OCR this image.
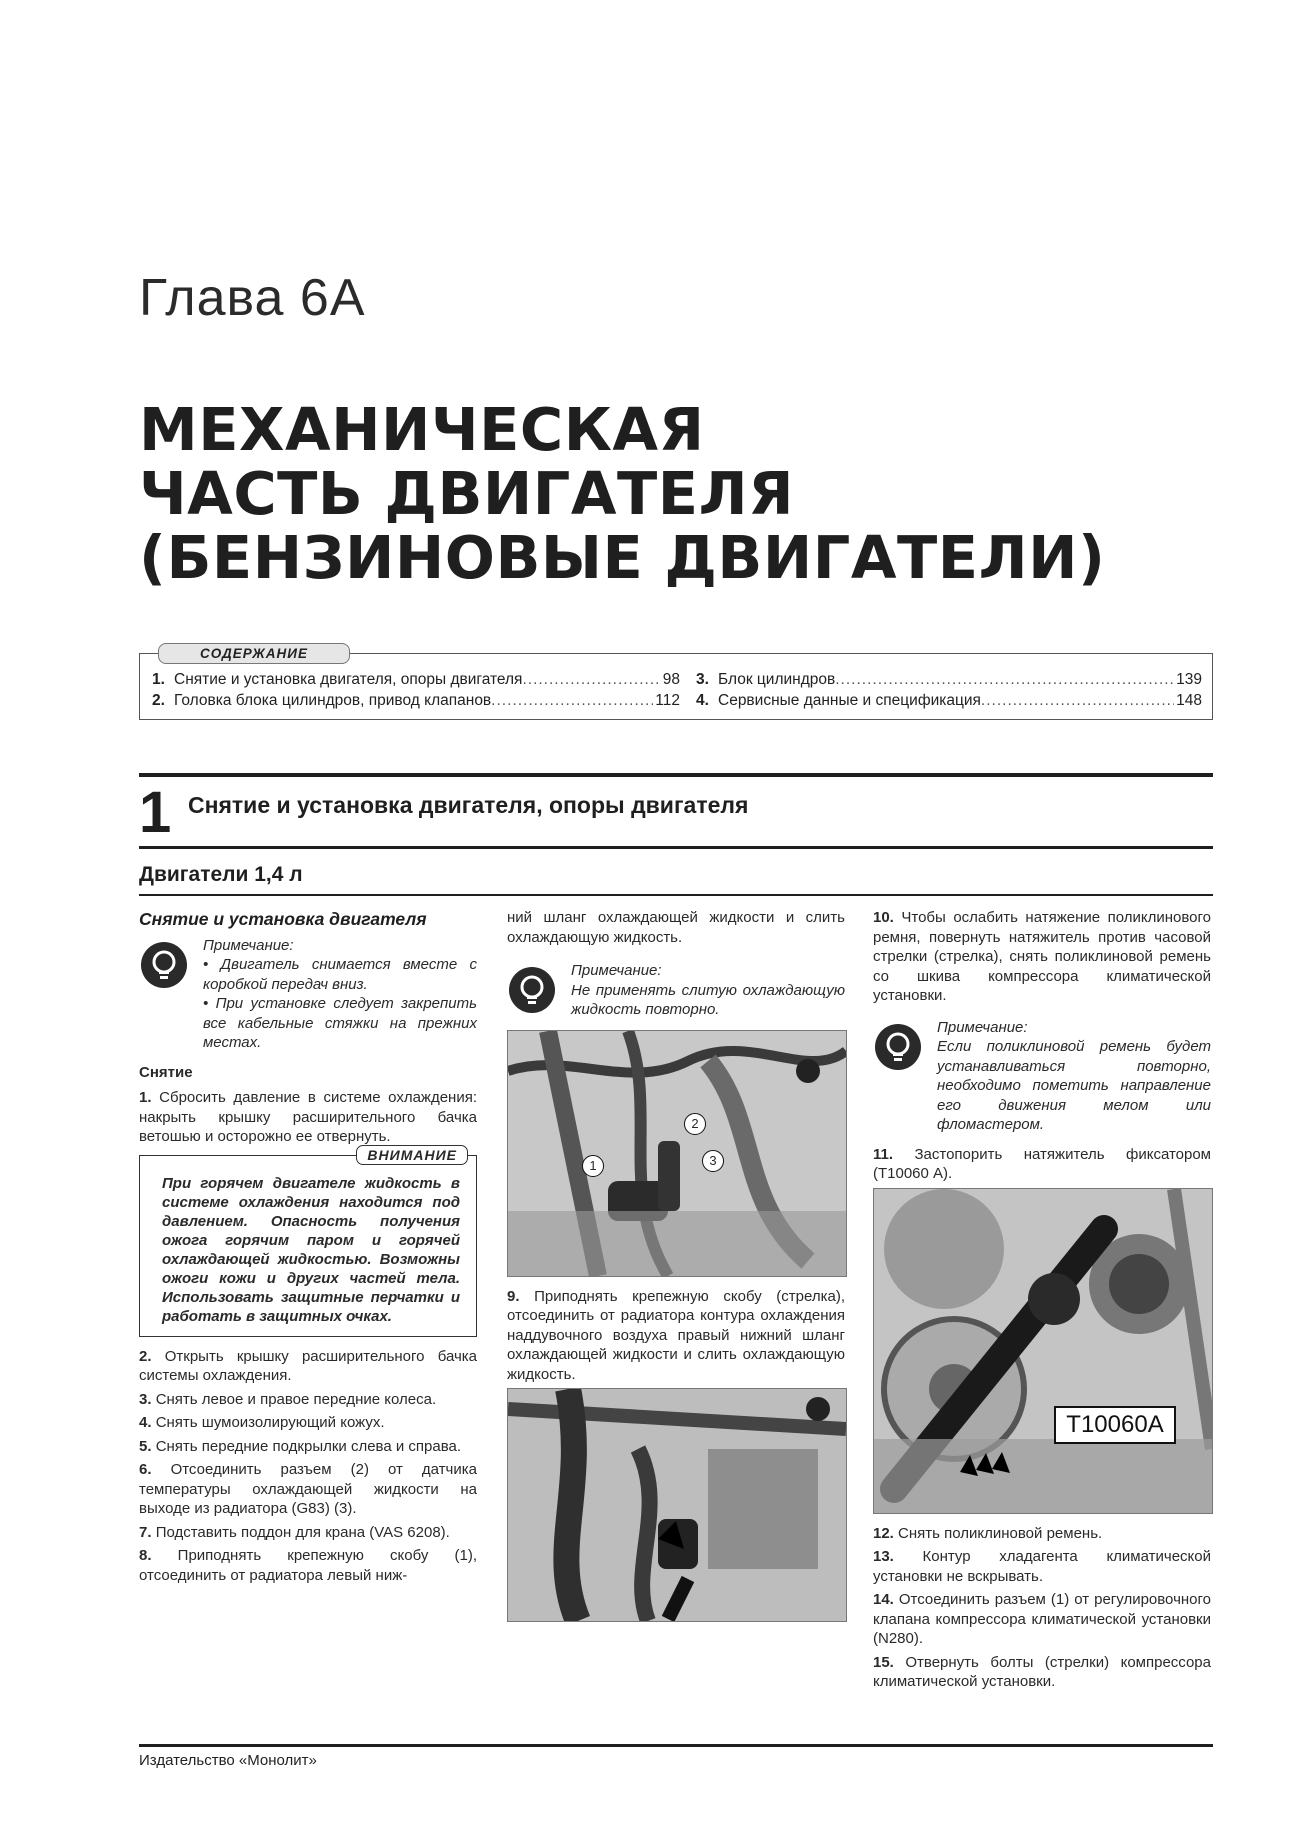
Глава 6А
МЕХАНИЧЕСКАЯ
ЧАСТЬ ДВИГАТЕЛЯ
(БЕНЗИНОВЫЕ ДВИГАТЕЛИ)
СОДЕРЖАНИЕ
1. Снятие и установка двигателя, опоры двигателя .....	98
2. Головка блока цилиндров, привод клапанов .....	112
3. Блок цилиндров .....	139
4. Сервисные данные и спецификация .....	148
1 Снятие и установка двигателя, опоры двигателя
Двигатели 1,4 л
Снятие и установка двигателя

Примечание:

• Двигатель снимается вместе с коробкой передач вниз.

• При установке следует закрепить все кабельные стяжки на прежних местах.

Снятие

1. Сбросить давление в системе охлаждения: накрыть крышку расширительного бачка ветошью и осторожно ее отвернуть.

ВНИМАНИЕ

При горячем двигателе жидкость в системе охлаждения находится под давлением. Опасность получения ожога горячим паром и горячей охлаждающей жидкостью. Возможны ожоги кожи и других частей тела. Использовать защитные перчатки и работать в защитных очках.

2. Открыть крышку расширительного бачка системы охлаждения.

3. Снять левое и правое передние колеса.

4. Снять шумоизолирующий кожух.

5. Снять передние подкрылки слева и справа.

6. Отсоединить разъем (2) от датчика температуры охлаждающей жидкости на выходе из радиатора (G83) (3).

7. Подставить поддон для крана (VAS 6208).

8. Приподнять крепежную скобу (1), отсоединить от радиатора левый ниж-

ний шланг охлаждающей жидкости и слить охлаждающую жидкость.

Примечание:

Не применять слитую охлаждающую жидкость повторно.

1
2
3

9. Приподнять крепежную скобу (стрелка), отсоединить от радиатора контура охлаждения наддувочного воздуха правый нижний шланг охлаждающей жидкости и слить охлаждающую жидкость.

10. Чтобы ослабить натяжение поликлинового ремня, повернуть натяжитель против часовой стрелки (стрелка), снять поликлиновой ремень со шкива компрессора климатической установки.

Примечание:

Если поликлиновой ремень будет устанавливаться повторно, необходимо пометить направление его движения мелом или фломастером.

11. Застопорить натяжитель фиксатором (T10060 А).

T10060A

12. Снять поликлиновой ремень.

13. Контур хладагента климатической установки не вскрывать.

14. Отсоединить разъем (1) от регулировочного клапана компрессора климатической установки (N280).

15. Отвернуть болты (стрелки) компрессора климатической установки.

Издательство «Монолит»
